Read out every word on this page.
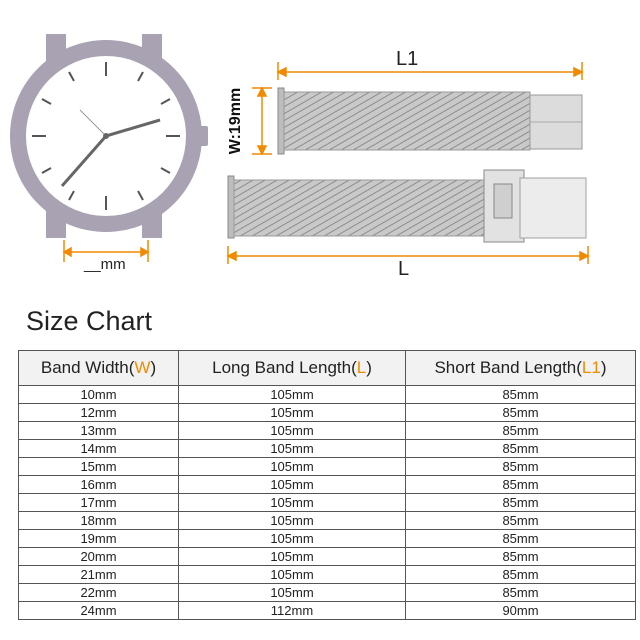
L1
L
__mm
W:19mm
Size Chart
Band Width(W)	Long Band Length(L)	Short Band Length(L1)
10mm	105mm	85mm
12mm	105mm	85mm
13mm	105mm	85mm
14mm	105mm	85mm
15mm	105mm	85mm
16mm	105mm	85mm
17mm	105mm	85mm
18mm	105mm	85mm
19mm	105mm	85mm
20mm	105mm	85mm
21mm	105mm	85mm
22mm	105mm	85mm
24mm	112mm	90mm
